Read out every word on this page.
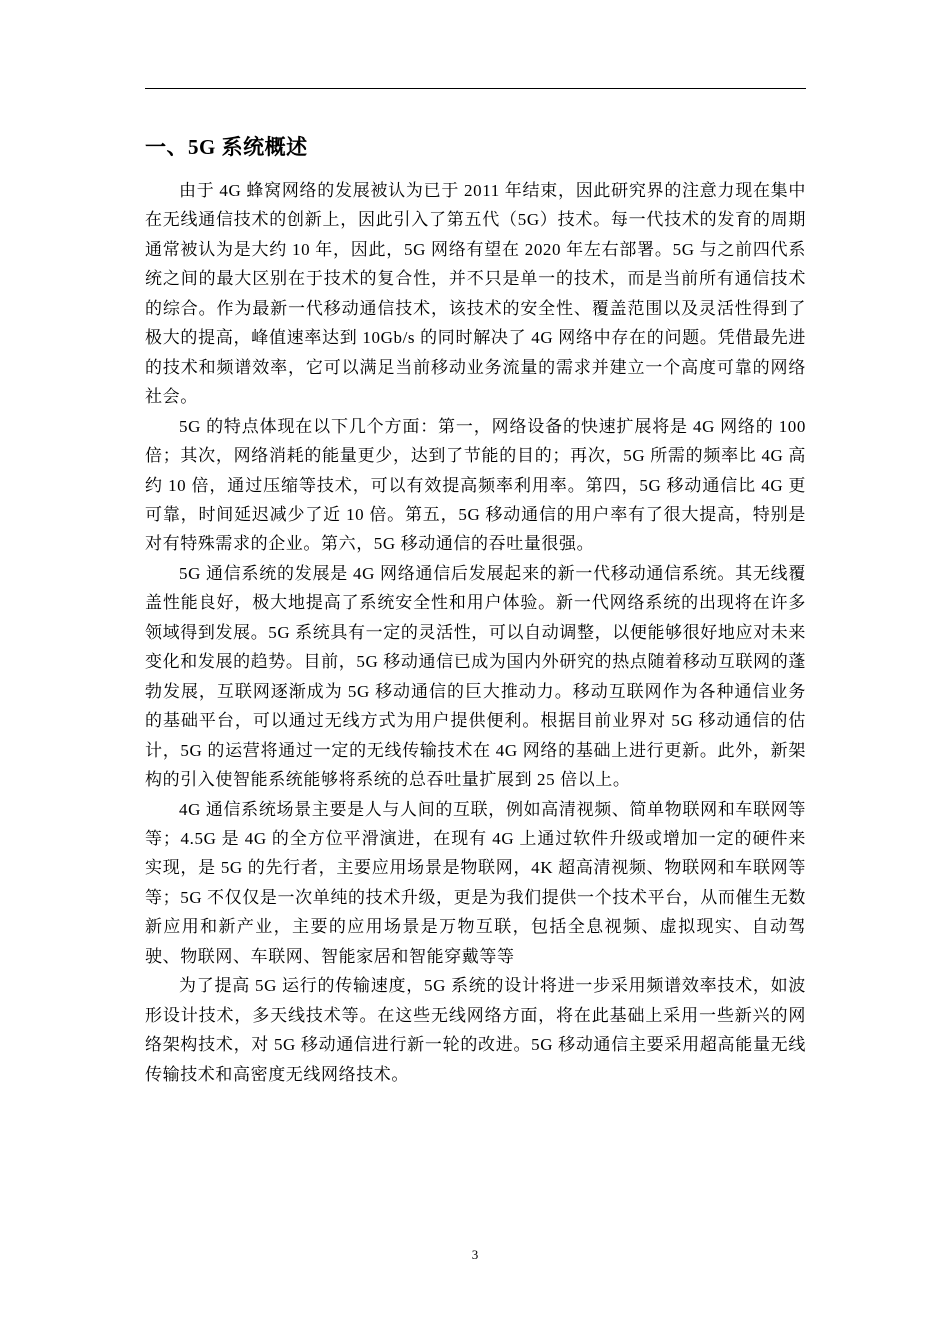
一、5G 系统概述

由于 4G 蜂窝网络的发展被认为已于 2011 年结束，因此研究界的注意力现在集中在无线通信技术的创新上，因此引入了第五代（5G）技术。每一代技术的发育的周期通常被认为是大约 10 年，因此，5G 网络有望在 2020 年左右部署。5G 与之前四代系统之间的最大区别在于技术的复合性，并不只是单一的技术，而是当前所有通信技术的综合。作为最新一代移动通信技术，该技术的安全性、覆盖范围以及灵活性得到了极大的提高，峰值速率达到 10Gb/s 的同时解决了 4G 网络中存在的问题。凭借最先进的技术和频谱效率，它可以满足当前移动业务流量的需求并建立一个高度可靠的网络社会。

5G 的特点体现在以下几个方面：第一，网络设备的快速扩展将是 4G 网络的 100 倍；其次，网络消耗的能量更少，达到了节能的目的；再次，5G 所需的频率比 4G 高约 10 倍，通过压缩等技术，可以有效提高频率利用率。第四，5G 移动通信比 4G 更可靠，时间延迟减少了近 10 倍。第五，5G 移动通信的用户率有了很大提高，特别是对有特殊需求的企业。第六，5G 移动通信的吞吐量很强。

5G 通信系统的发展是 4G 网络通信后发展起来的新一代移动通信系统。其无线覆盖性能良好，极大地提高了系统安全性和用户体验。新一代网络系统的出现将在许多领域得到发展。5G 系统具有一定的灵活性，可以自动调整，以便能够很好地应对未来变化和发展的趋势。目前，5G 移动通信已成为国内外研究的热点随着移动互联网的蓬勃发展，互联网逐渐成为 5G 移动通信的巨大推动力。移动互联网作为各种通信业务的基础平台，可以通过无线方式为用户提供便利。根据目前业界对 5G 移动通信的估计，5G 的运营将通过一定的无线传输技术在 4G 网络的基础上进行更新。此外，新架构的引入使智能系统能够将系统的总吞吐量扩展到 25 倍以上。

4G 通信系统场景主要是人与人间的互联，例如高清视频、简单物联网和车联网等等；4.5G 是 4G 的全方位平滑演进，在现有 4G 上通过软件升级或增加一定的硬件来实现，是 5G 的先行者，主要应用场景是物联网，4K 超高清视频、物联网和车联网等等；5G 不仅仅是一次单纯的技术升级，更是为我们提供一个技术平台，从而催生无数新应用和新产业，主要的应用场景是万物互联，包括全息视频、虚拟现实、自动驾驶、物联网、车联网、智能家居和智能穿戴等等

为了提高 5G 运行的传输速度，5G 系统的设计将进一步采用频谱效率技术，如波形设计技术，多天线技术等。在这些无线网络方面，将在此基础上采用一些新兴的网络架构技术，对 5G 移动通信进行新一轮的改进。5G 移动通信主要采用超高能量无线传输技术和高密度无线网络技术。

3
